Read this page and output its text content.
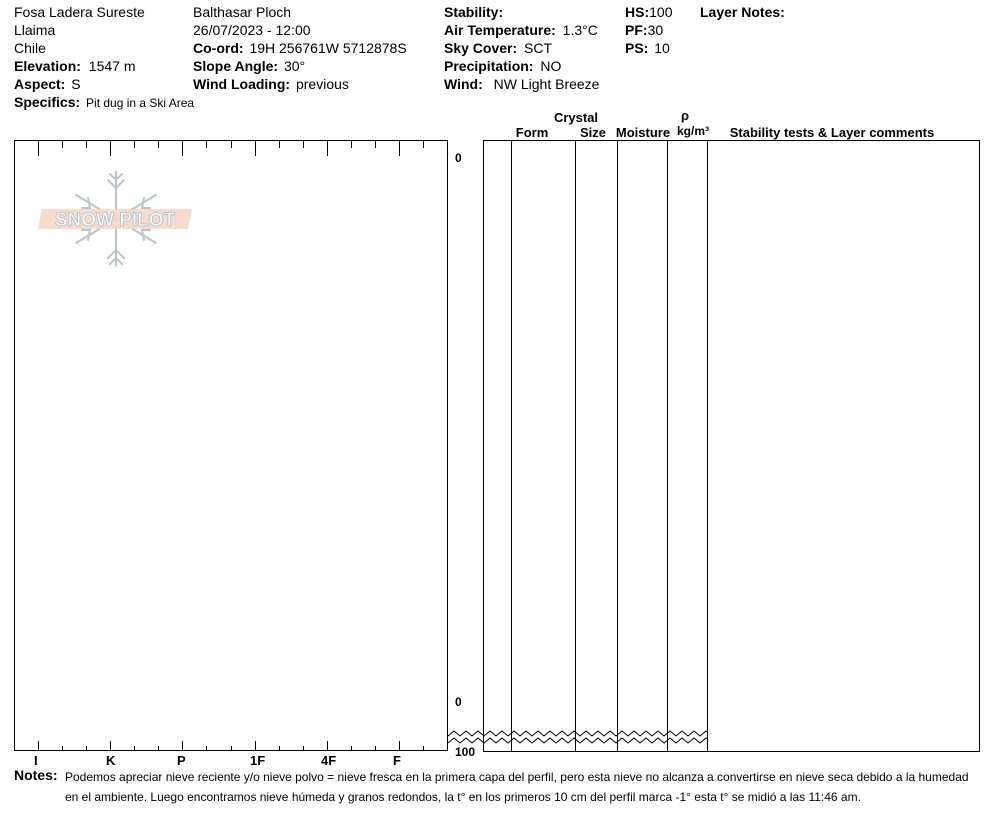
Fosa Ladera Sureste
Llaima
Chile
Elevation: 1547 m
Aspect: S
Specifics: Pit dug in a Ski Area
Balthasar Ploch
26/07/2023 - 12:00
Co-ord: 19H 256761W 5712878S
Slope Angle: 30°
Wind Loading: previous
Stability:
Air Temperature: 1.3°C
Sky Cover: SCT
Precipitation: NO
Wind: NW Light Breeze
HS:100
PF:30
PS: 10
Layer Notes:
I	K	P	1F	4F	F
SNOW PILOT
0
0
100
Crystal
Form	Size Moisture
ρ
kg/m³	Stability tests & Layer comments
Notes: Podemos apreciar nieve reciente y/o nieve polvo = nieve fresca en la primera capa del perfil, pero esta nieve no alcanza a convertirse en nieve seca debido a la humedad en el ambiente. Luego encontramos nieve húmeda y granos redondos, la t° en los primeros 10 cm del perfil marca -1° esta t° se midió a las 11:46 am.
